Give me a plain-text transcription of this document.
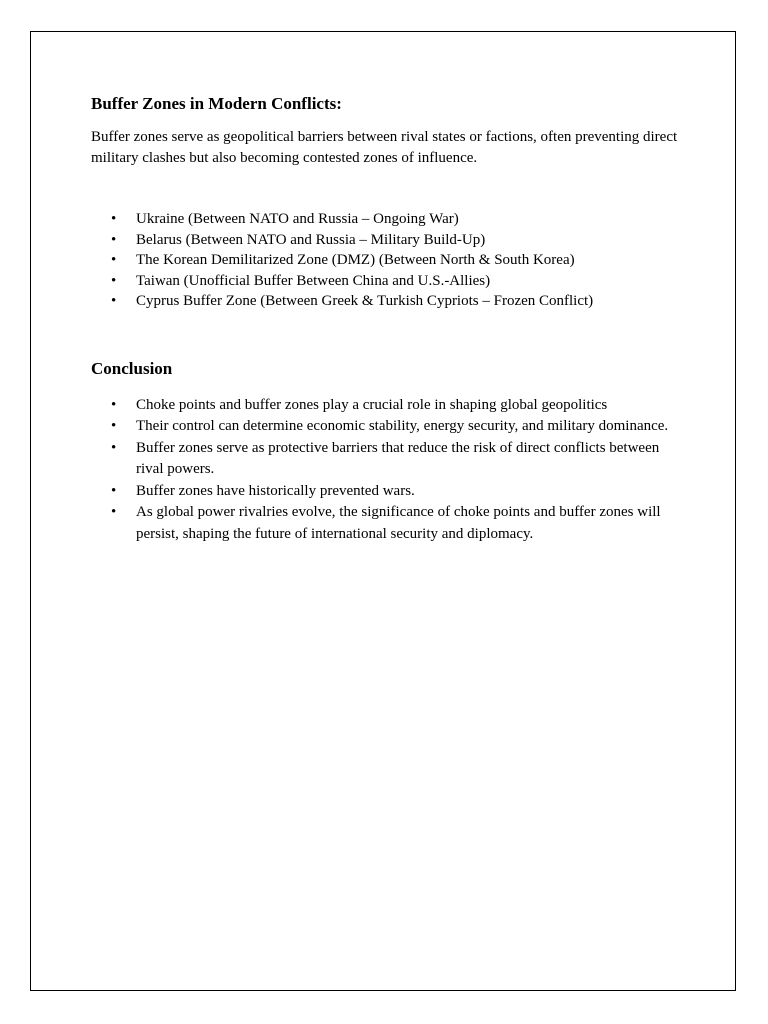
Buffer Zones in Modern Conflicts:

Buffer zones serve as geopolitical barriers between rival states or factions, often preventing direct military clashes but also becoming contested zones of influence.

• Ukraine (Between NATO and Russia – Ongoing War)
• Belarus (Between NATO and Russia – Military Build-Up)
• The Korean Demilitarized Zone (DMZ) (Between North & South Korea)
• Taiwan (Unofficial Buffer Between China and U.S.-Allies)
• Cyprus Buffer Zone (Between Greek & Turkish Cypriots – Frozen Conflict)
Conclusion
• Choke points and buffer zones play a crucial role in shaping global geopolitics
• Their control can determine economic stability, energy security, and military dominance.
• Buffer zones serve as protective barriers that reduce the risk of direct conflicts between rival powers.
• Buffer zones have historically prevented wars.
• As global power rivalries evolve, the significance of choke points and buffer zones will persist, shaping the future of international security and diplomacy.
